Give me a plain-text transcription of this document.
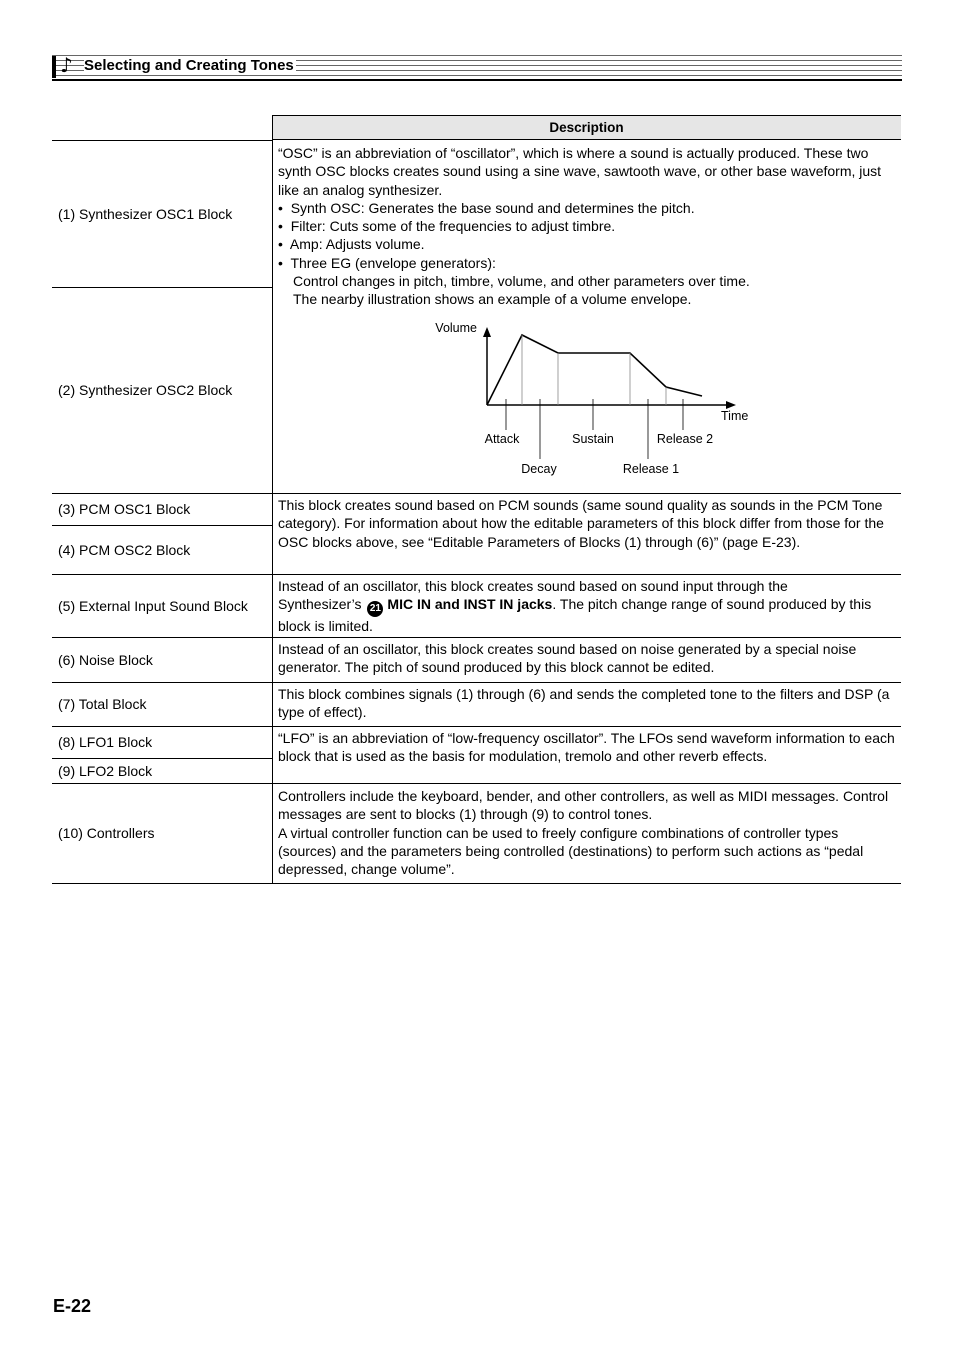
♪ Selecting and Creating Tones
Description
(1) Synthesizer OSC1 Block
(2) Synthesizer OSC2 Block
(3) PCM OSC1 Block
(4) PCM OSC2 Block
(5) External Input Sound Block
(6) Noise Block
(7) Total Block
(8) LFO1 Block
(9) LFO2 Block
(10) Controllers
“OSC” is an abbreviation of “oscillator”, which is where a sound is actually produced. These two synth OSC blocks creates sound using a sine wave, sawtooth wave, or other base waveform, just like an analog synthesizer.
•  Synth OSC: Generates the base sound and determines the pitch.
•  Filter: Cuts some of the frequencies to adjust timbre.
•  Amp: Adjusts volume.
•  Three EG (envelope generators):
Control changes in pitch, timbre, volume, and other parameters over time.
The nearby illustration shows an example of a volume envelope.
Volume
Time
Attack
Decay
Sustain
Release 1
Release 2
This block creates sound based on PCM sounds (same sound quality as sounds in the PCM Tone category). For information about how the editable parameters of this block differ from those for the OSC blocks above, see “Editable Parameters of Blocks (1) through (6)” (page E-23).
Instead of an oscillator, this block creates sound based on sound input through the
Synthesizer’s 21 MIC IN and INST IN jacks. The pitch change range of sound produced by this block is limited.
Instead of an oscillator, this block creates sound based on noise generated by a special noise generator. The pitch of sound produced by this block cannot be edited.
This block combines signals (1) through (6) and sends the completed tone to the filters and DSP (a type of effect).
“LFO” is an abbreviation of “low-frequency oscillator”. The LFOs send waveform information to each block that is used as the basis for modulation, tremolo and other reverb effects.
Controllers include the keyboard, bender, and other controllers, as well as MIDI messages. Control messages are sent to blocks (1) through (9) to control tones.
A virtual controller function can be used to freely configure combinations of controller types (sources) and the parameters being controlled (destinations) to perform such actions as “pedal depressed, change volume”.
E-22
